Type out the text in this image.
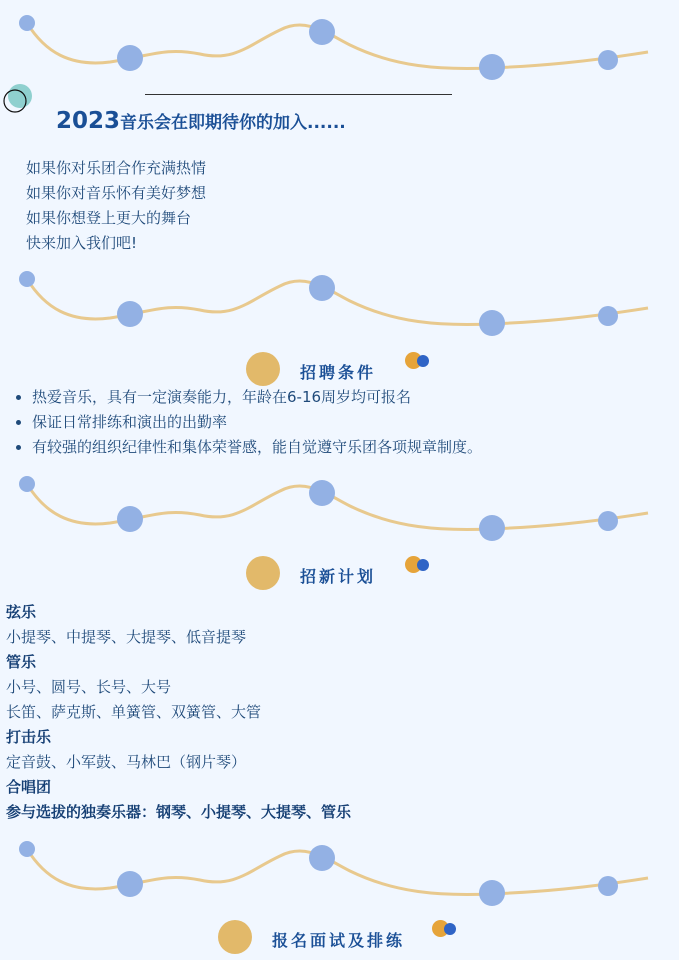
2023音乐会在即期待你的加入......
如果你对乐团合作充满热情
如果你对音乐怀有美好梦想
如果你想登上更大的舞台
快来加入我们吧!
招聘条件
• 热爱音乐，具有一定演奏能力，年龄在6-16周岁均可报名
• 保证日常排练和演出的出勤率
• 有较强的组织纪律性和集体荣誉感，能自觉遵守乐团各项规章制度。
招新计划
弦乐
小提琴、中提琴、大提琴、低音提琴
管乐
小号、圆号、长号、大号
长笛、萨克斯、单簧管、双簧管、大管
打击乐
定音鼓、小军鼓、马林巴（钢片琴）
合唱团
参与选拔的独奏乐器：钢琴、小提琴、大提琴、管乐
报名面试及排练
